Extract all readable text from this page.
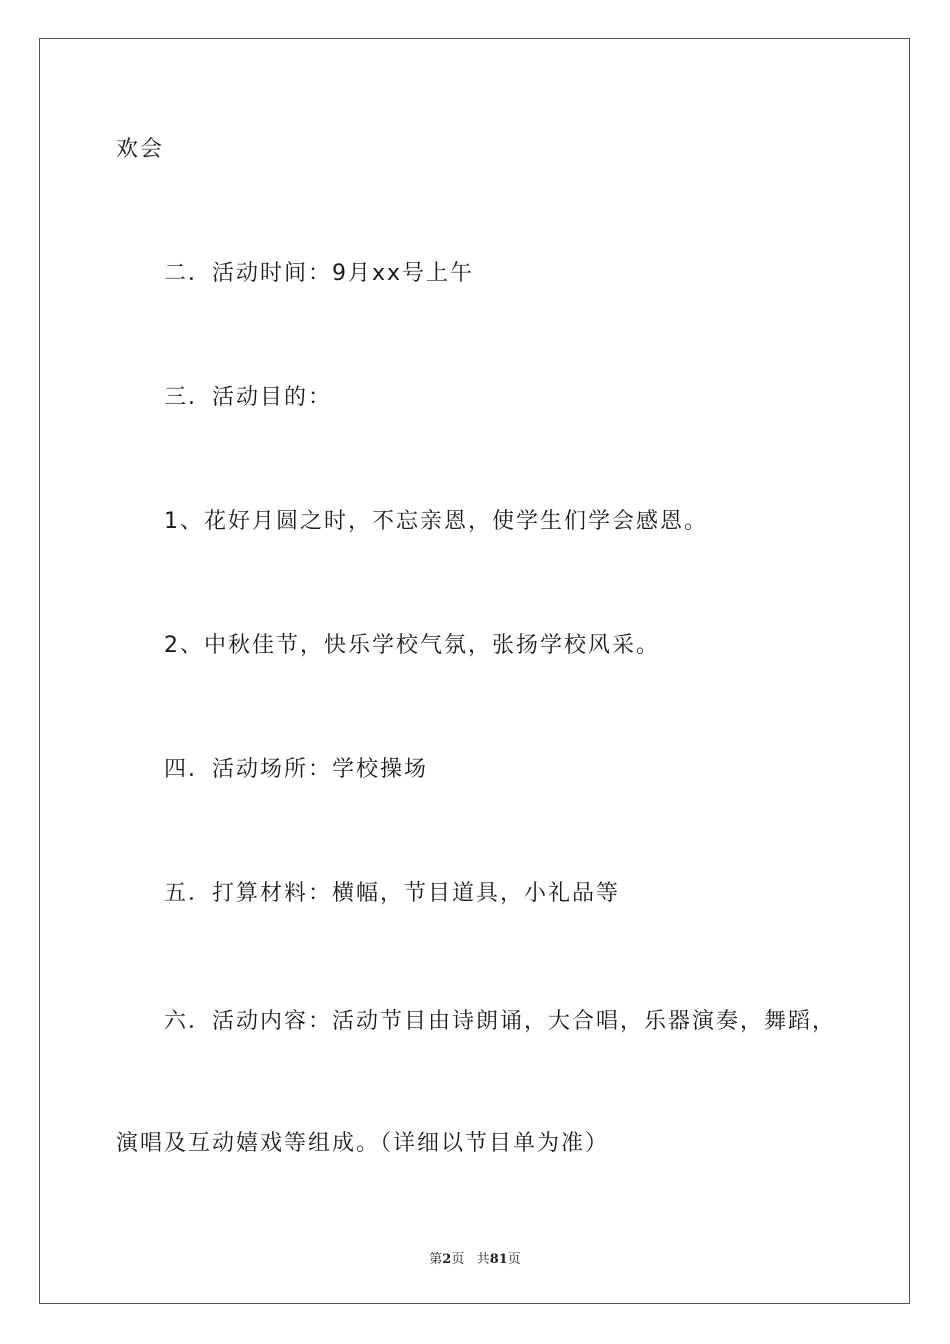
欢会
二．活动时间：9月xx号上午
三．活动目的：
1、花好月圆之时，不忘亲恩，使学生们学会感恩。
2、中秋佳节，快乐学校气氛，张扬学校风采。
四．活动场所：学校操场
五．打算材料：横幅，节目道具，小礼品等
六．活动内容：活动节目由诗朗诵，大合唱，乐器演奏，舞蹈，
演唱及互动嬉戏等组成。（详细以节目单为准）
第2页 共81页
